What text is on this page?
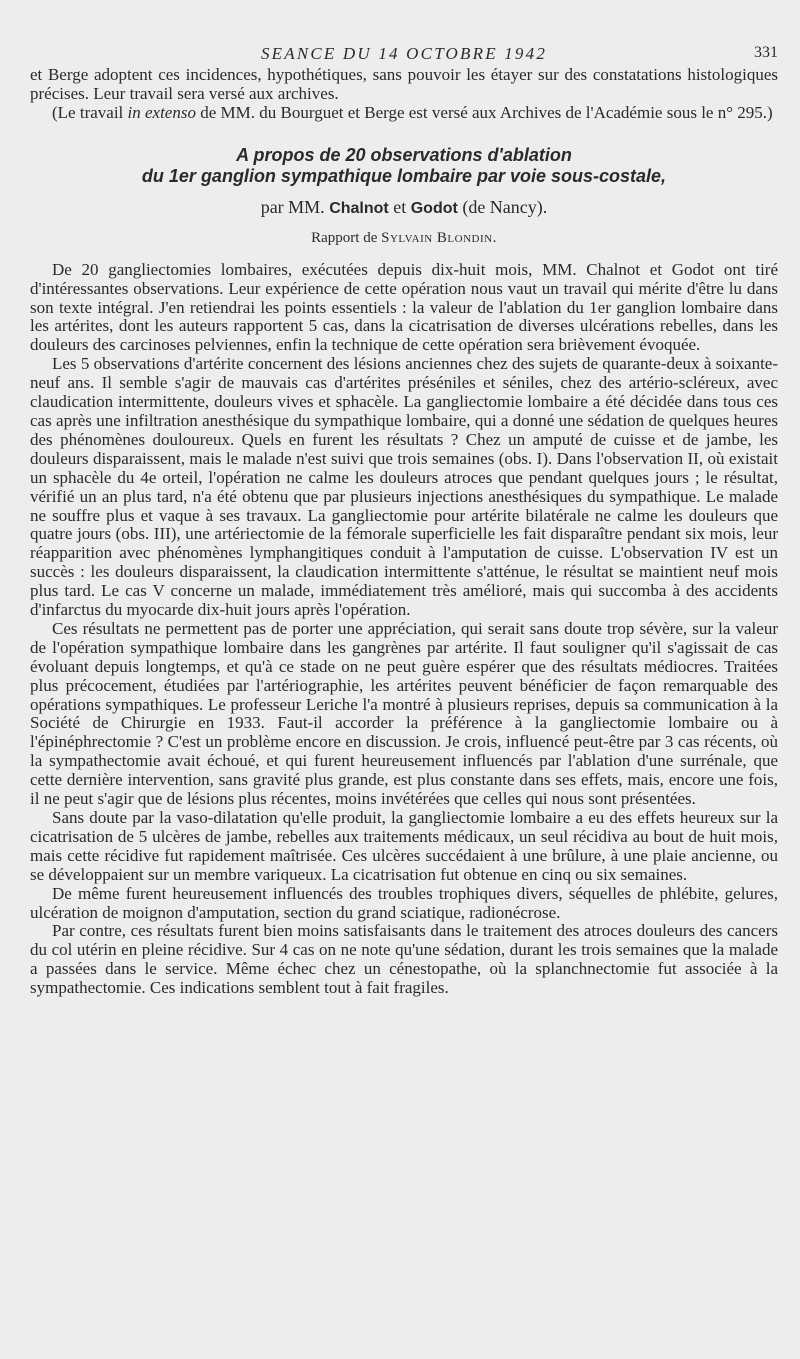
SEANCE DU 14 OCTOBRE 1942	331

et Berge adoptent ces incidences, hypothétiques, sans pouvoir les étayer sur des constatations histologiques précises. Leur travail sera versé aux archives.

(Le travail in extenso de MM. du Bourguet et Berge est versé aux Archives de l'Académie sous le n° 295.)

A propos de 20 observations d'ablation
du 1er ganglion sympathique lombaire par voie sous-costale,
par MM. Chalnot et Godot (de Nancy).
Rapport de Sylvain Blondin.

De 20 gangliectomies lombaires, exécutées depuis dix-huit mois, MM. Chalnot et Godot ont tiré d'intéressantes observations. Leur expérience de cette opération nous vaut un travail qui mérite d'être lu dans son texte intégral. J'en retiendrai les points essentiels : la valeur de l'ablation du 1er ganglion lombaire dans les artérites, dont les auteurs rapportent 5 cas, dans la cicatrisation de diverses ulcérations rebelles, dans les douleurs des carcinoses pelviennes, enfin la technique de cette opération sera brièvement évoquée.

Les 5 observations d'artérite concernent des lésions anciennes chez des sujets de quarante-deux à soixante-neuf ans. Il semble s'agir de mauvais cas d'artérites préséniles et séniles, chez des artério-scléreux, avec claudication intermittente, douleurs vives et sphacèle. La gangliectomie lombaire a été décidée dans tous ces cas après une infiltration anesthésique du sympathique lombaire, qui a donné une sédation de quelques heures des phénomènes douloureux. Quels en furent les résultats ? Chez un amputé de cuisse et de jambe, les douleurs disparaissent, mais le malade n'est suivi que trois semaines (obs. I). Dans l'observation II, où existait un sphacèle du 4e orteil, l'opération ne calme les douleurs atroces que pendant quelques jours ; le résultat, vérifié un an plus tard, n'a été obtenu que par plusieurs injections anesthésiques du sympathique. Le malade ne souffre plus et vaque à ses travaux. La gangliectomie pour artérite bilatérale ne calme les douleurs que quatre jours (obs. III), une artériectomie de la fémorale superficielle les fait disparaître pendant six mois, leur réapparition avec phénomènes lymphangitiques conduit à l'amputation de cuisse. L'observation IV est un succès : les douleurs disparaissent, la claudication intermittente s'atténue, le résultat se maintient neuf mois plus tard. Le cas V concerne un malade, immédiatement très amélioré, mais qui succomba à des accidents d'infarctus du myocarde dix-huit jours après l'opération.

Ces résultats ne permettent pas de porter une appréciation, qui serait sans doute trop sévère, sur la valeur de l'opération sympathique lombaire dans les gangrènes par artérite. Il faut souligner qu'il s'agissait de cas évoluant depuis longtemps, et qu'à ce stade on ne peut guère espérer que des résultats médiocres. Traitées plus précocement, étudiées par l'artériographie, les artérites peuvent bénéficier de façon remarquable des opérations sympathiques. Le professeur Leriche l'a montré à plusieurs reprises, depuis sa communication à la Société de Chirurgie en 1933. Faut-il accorder la préférence à la gangliectomie lombaire ou à l'épinéphrectomie ? C'est un problème encore en discussion. Je crois, influencé peut-être par 3 cas récents, où la sympathectomie avait échoué, et qui furent heureusement influencés par l'ablation d'une surrénale, que cette dernière intervention, sans gravité plus grande, est plus constante dans ses effets, mais, encore une fois, il ne peut s'agir que de lésions plus récentes, moins invétérées que celles qui nous sont présentées.

Sans doute par la vaso-dilatation qu'elle produit, la gangliectomie lombaire a eu des effets heureux sur la cicatrisation de 5 ulcères de jambe, rebelles aux traitements médicaux, un seul récidiva au bout de huit mois, mais cette récidive fut rapidement maîtrisée. Ces ulcères succédaient à une brûlure, à une plaie ancienne, ou se développaient sur un membre variqueux. La cicatrisation fut obtenue en cinq ou six semaines.

De même furent heureusement influencés des troubles trophiques divers, séquelles de phlébite, gelures, ulcération de moignon d'amputation, section du grand sciatique, radionécrose.

Par contre, ces résultats furent bien moins satisfaisants dans le traitement des atroces douleurs des cancers du col utérin en pleine récidive. Sur 4 cas on ne note qu'une sédation, durant les trois semaines que la malade a passées dans le service. Même échec chez un cénestopathe, où la splanchnectomie fut associée à la sympathectomie. Ces indications semblent tout à fait fragiles.
